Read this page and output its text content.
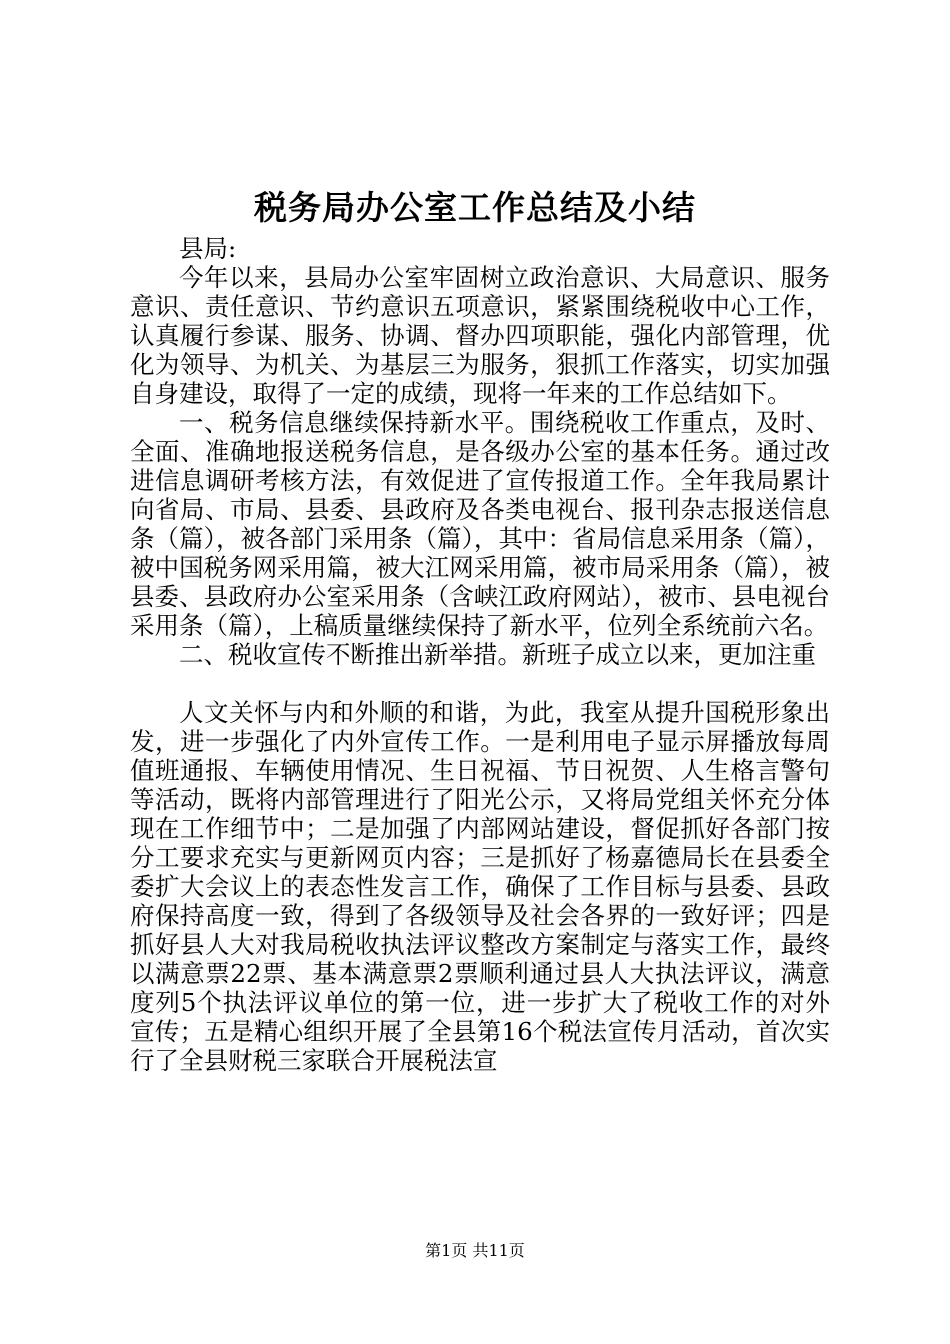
税务局办公室工作总结及小结

县局:

今年以来，县局办公室牢固树立政治意识、大局意识、服务意识、责任意识、节约意识五项意识，紧紧围绕税收中心工作，认真履行参谋、服务、协调、督办四项职能，强化内部管理，优化为领导、为机关、为基层三为服务，狠抓工作落实，切实加强自身建设，取得了一定的成绩，现将一年来的工作总结如下。

一、税务信息继续保持新水平。围绕税收工作重点，及时、全面、准确地报送税务信息，是各级办公室的基本任务。通过改进信息调研考核方法，有效促进了宣传报道工作。全年我局累计向省局、市局、县委、县政府及各类电视台、报刊杂志报送信息条（篇），被各部门采用条（篇），其中：省局信息采用条（篇），被中国税务网采用篇，被大江网采用篇，被市局采用条（篇），被县委、县政府办公室采用条（含峡江政府网站），被市、县电视台采用条（篇），上稿质量继续保持了新水平，位列全系统前六名。

二、税收宣传不断推出新举措。新班子成立以来，更加注重

人文关怀与内和外顺的和谐，为此，我室从提升国税形象出发，进一步强化了内外宣传工作。一是利用电子显示屏播放每周值班通报、车辆使用情况、生日祝福、节日祝贺、人生格言警句等活动，既将内部管理进行了阳光公示，又将局党组关怀充分体现在工作细节中；二是加强了内部网站建设，督促抓好各部门按分工要求充实与更新网页内容；三是抓好了杨嘉德局长在县委全委扩大会议上的表态性发言工作，确保了工作目标与县委、县政府保持高度一致，得到了各级领导及社会各界的一致好评；四是抓好县人大对我局税收执法评议整改方案制定与落实工作，最终以满意票22票、基本满意票2票顺利通过县人大执法评议，满意度列5个执法评议单位的第一位，进一步扩大了税收工作的对外宣传；五是精心组织开展了全县第16个税法宣传月活动，首次实行了全县财税三家联合开展税法宣

第1页 共11页
